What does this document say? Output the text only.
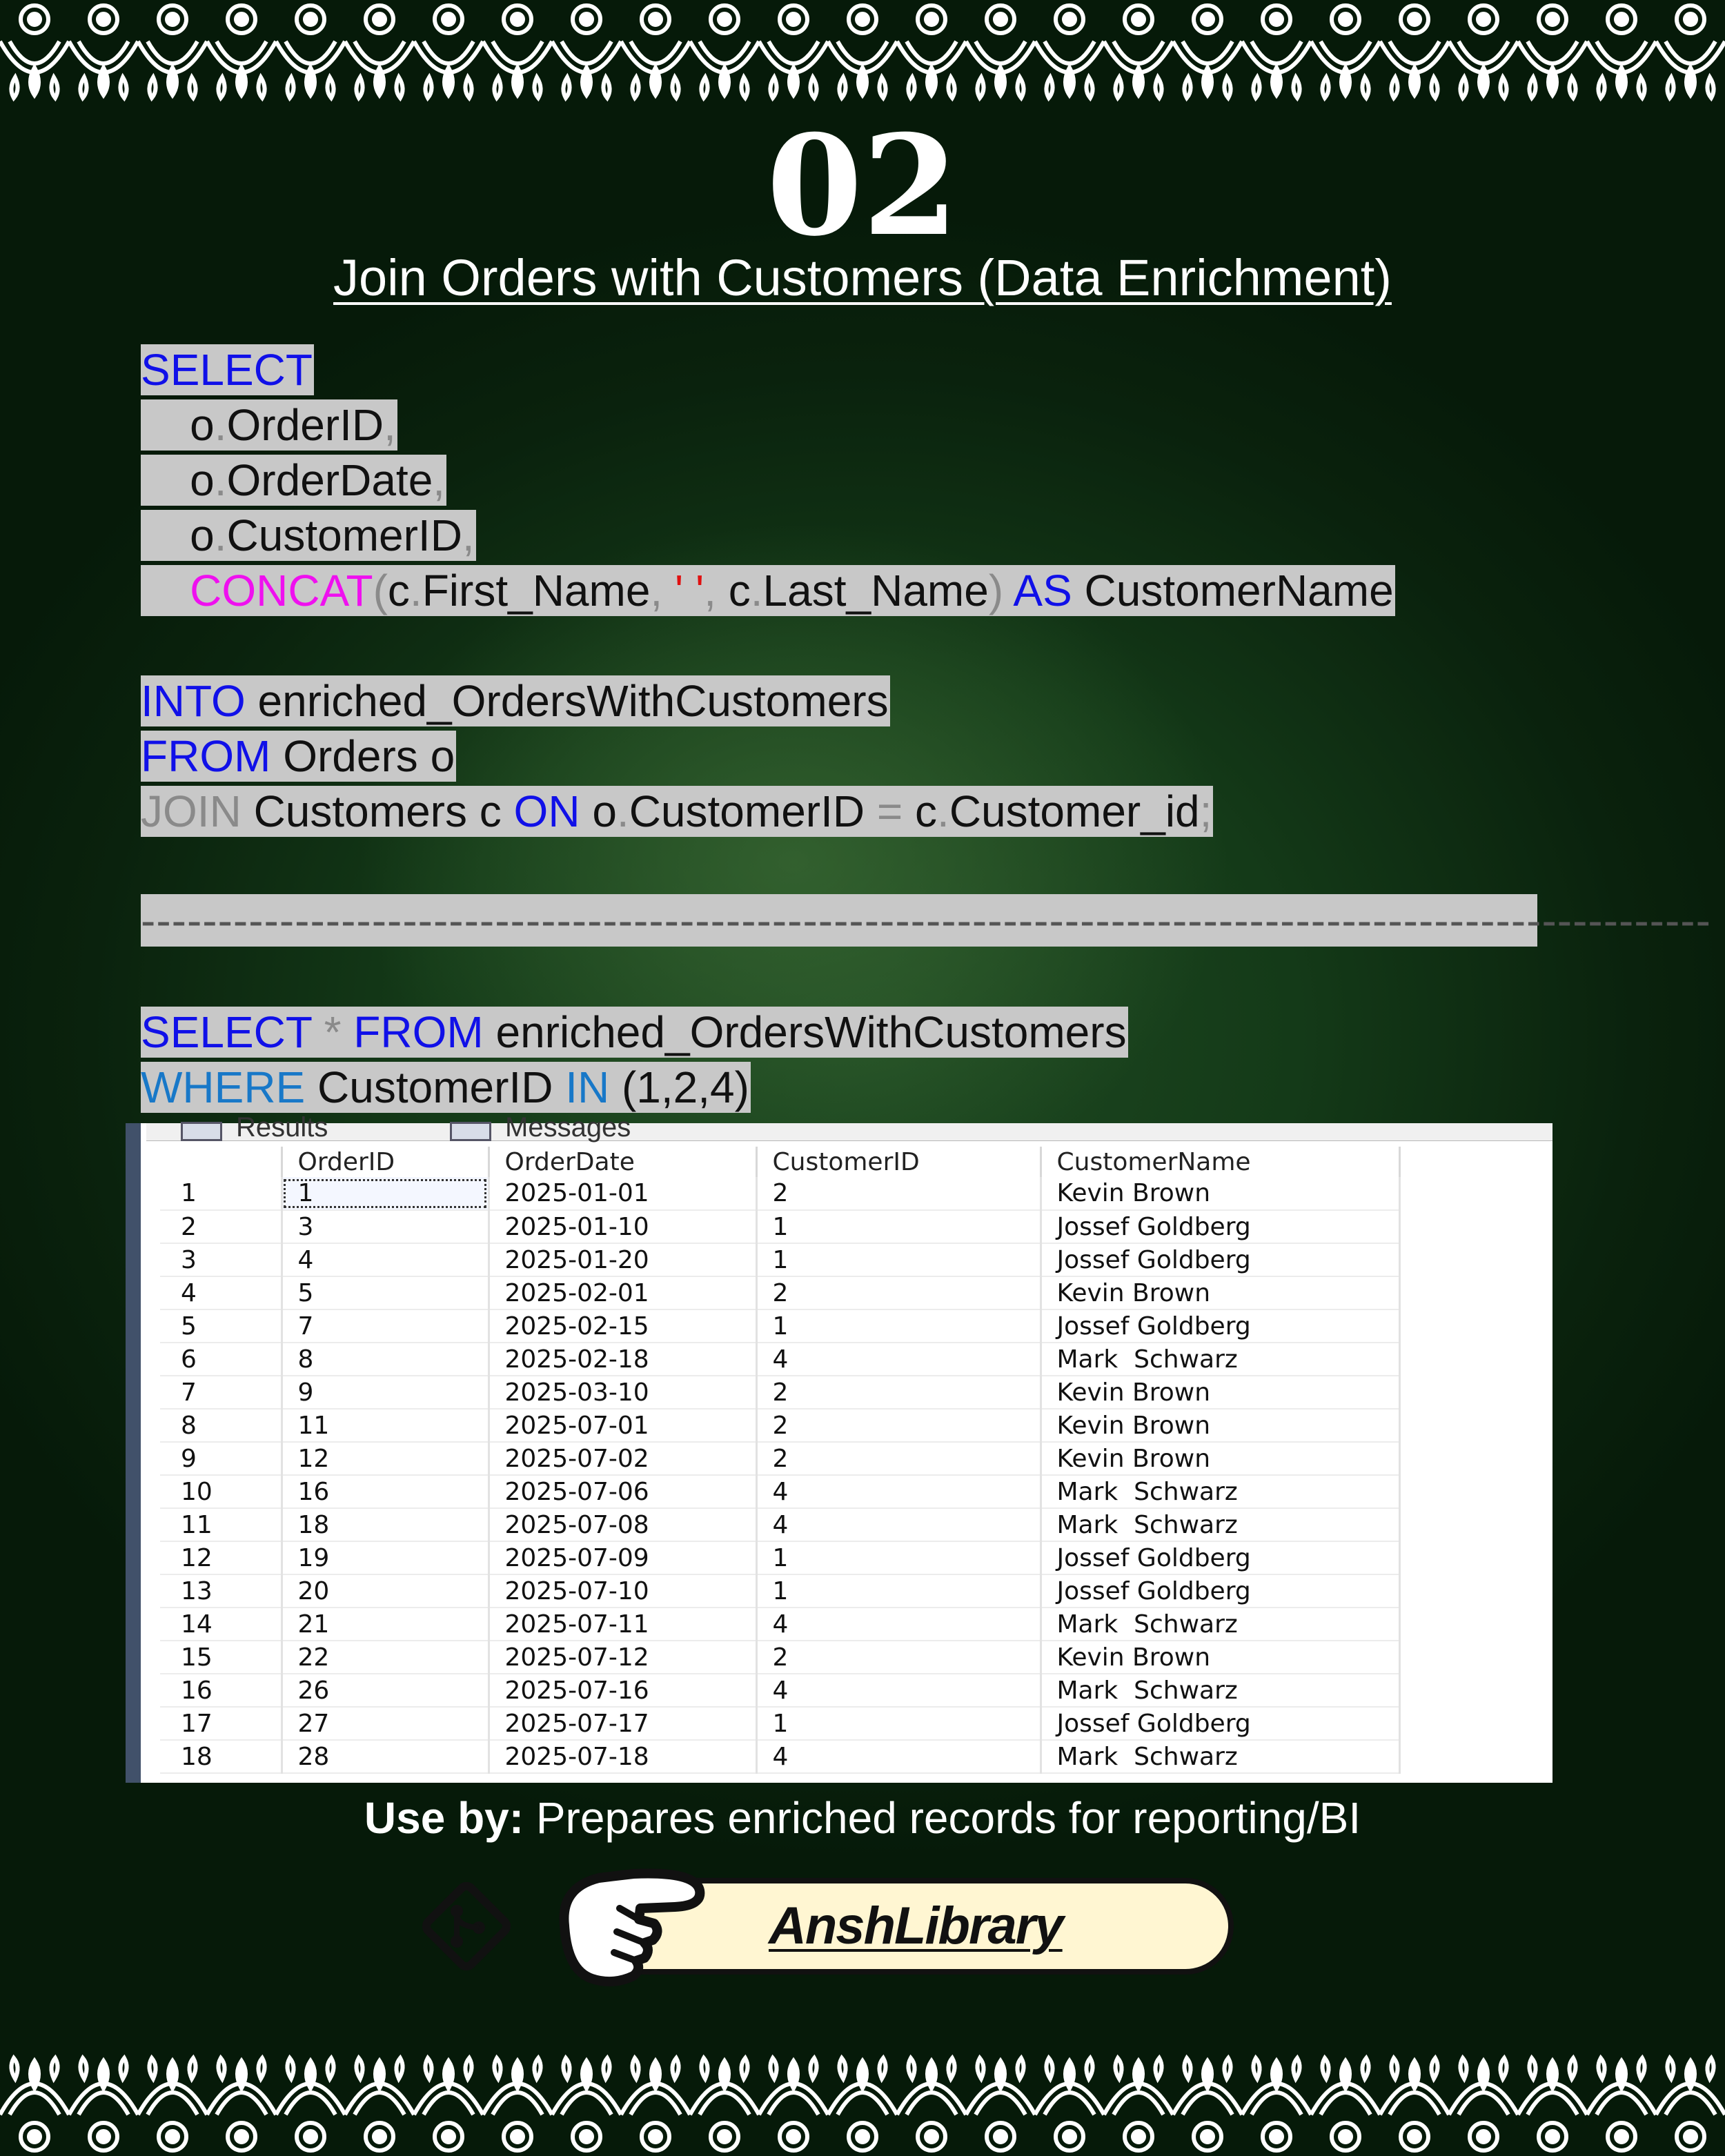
02
Join Orders with Customers (Data Enrichment)
SELECT
o.OrderID,
o.OrderDate,
o.CustomerID,
CONCAT(c.First_Name, ' ', c.Last_Name) AS CustomerName
INTO enriched_OrdersWithCustomers
FROM Orders o
JOIN Customers c ON o.CustomerID = c.Customer_id;
------------------------------------------------------------------------------------------------------
SELECT * FROM enriched_OrdersWithCustomers
WHERE CustomerID IN (1,2,4)
Results	Messages
	OrderID	OrderDate	CustomerID	CustomerName
1	1	2025-01-01	2	Kevin Brown
2	3	2025-01-10	1	Jossef Goldberg
3	4	2025-01-20	1	Jossef Goldberg
4	5	2025-02-01	2	Kevin Brown
5	7	2025-02-15	1	Jossef Goldberg
6	8	2025-02-18	4	Mark  Schwarz
7	9	2025-03-10	2	Kevin Brown
8	11	2025-07-01	2	Kevin Brown
9	12	2025-07-02	2	Kevin Brown
10	16	2025-07-06	4	Mark  Schwarz
11	18	2025-07-08	4	Mark  Schwarz
12	19	2025-07-09	1	Jossef Goldberg
13	20	2025-07-10	1	Jossef Goldberg
14	21	2025-07-11	4	Mark  Schwarz
15	22	2025-07-12	2	Kevin Brown
16	26	2025-07-16	4	Mark  Schwarz
17	27	2025-07-17	1	Jossef Goldberg
18	28	2025-07-18	4	Mark  Schwarz
Use by: Prepares enriched records for reporting/BI
AnshLibrary
